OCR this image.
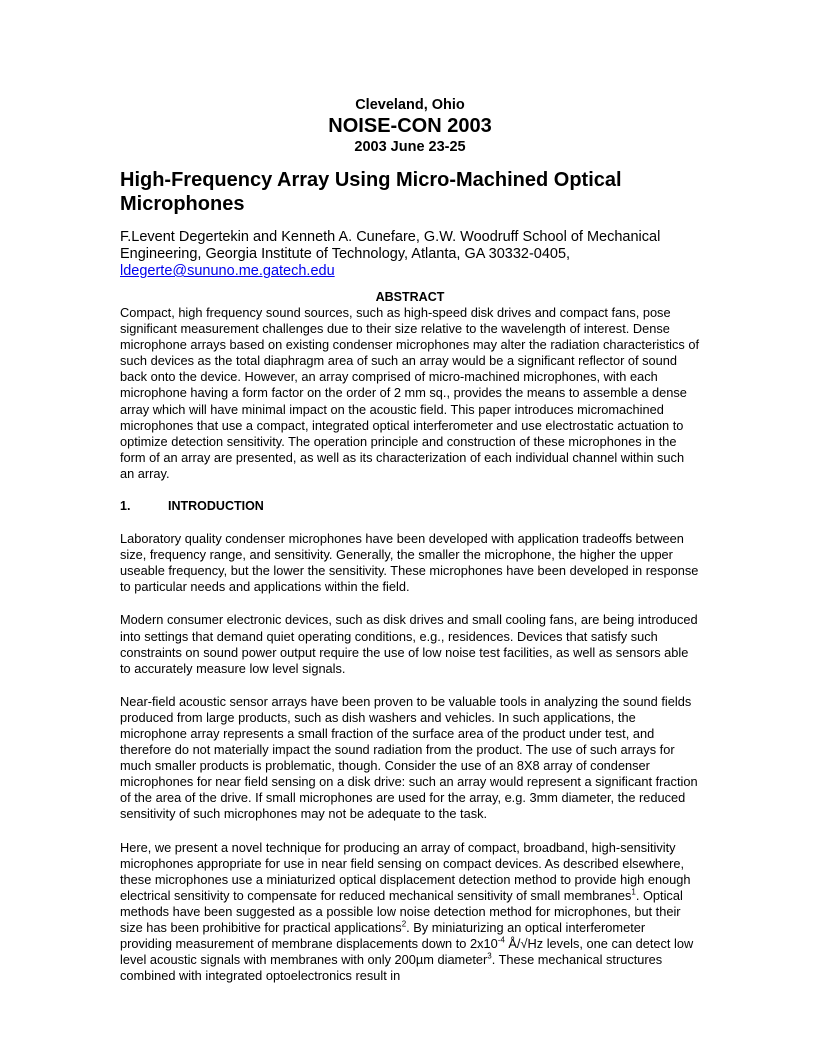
Cleveland, Ohio
NOISE-CON 2003
2003 June 23-25
High-Frequency Array Using Micro-Machined Optical Microphones
F.Levent Degertekin and Kenneth A. Cunefare, G.W. Woodruff School of Mechanical Engineering, Georgia Institute of Technology, Atlanta, GA 30332-0405,
ldegerte@sununo.me.gatech.edu
ABSTRACT

Compact, high frequency sound sources, such as high-speed disk drives and compact fans, pose significant measurement challenges due to their size relative to the wavelength of interest. Dense microphone arrays based on existing condenser microphones may alter the radiation characteristics of such devices as the total diaphragm area of such an array would be a significant reflector of sound back onto the device. However, an array comprised of micro-machined microphones, with each microphone having a form factor on the order of 2 mm sq., provides the means to assemble a dense array which will have minimal impact on the acoustic field. This paper introduces micromachined microphones that use a compact, integrated optical interferometer and use electrostatic actuation to optimize detection sensitivity. The operation principle and construction of these microphones in the form of an array are presented, as well as its characterization of each individual channel within such an array.

1.	INTRODUCTION

Laboratory quality condenser microphones have been developed with application tradeoffs between size, frequency range, and sensitivity. Generally, the smaller the microphone, the higher the upper useable frequency, but the lower the sensitivity. These microphones have been developed in response to particular needs and applications within the field.

Modern consumer electronic devices, such as disk drives and small cooling fans, are being introduced into settings that demand quiet operating conditions, e.g., residences. Devices that satisfy such constraints on sound power output require the use of low noise test facilities, as well as sensors able to accurately measure low level signals.

Near-field acoustic sensor arrays have been proven to be valuable tools in analyzing the sound fields produced from large products, such as dish washers and vehicles. In such applications, the microphone array represents a small fraction of the surface area of the product under test, and therefore do not materially impact the sound radiation from the product. The use of such arrays for much smaller products is problematic, though. Consider the use of an 8X8 array of condenser microphones for near field sensing on a disk drive: such an array would represent a significant fraction of the area of the drive. If small microphones are used for the array, e.g. 3mm diameter, the reduced sensitivity of such microphones may not be adequate to the task.

Here, we present a novel technique for producing an array of compact, broadband, high-sensitivity microphones appropriate for use in near field sensing on compact devices. As described elsewhere, these microphones use a miniaturized optical displacement detection method to provide high enough electrical sensitivity to compensate for reduced mechanical sensitivity of small membranes$^1$. Optical methods have been suggested as a possible low noise detection method for microphones, but their size has been prohibitive for practical applications$^2$. By miniaturizing an optical interferometer providing measurement of membrane displacements down to $2x10^{-4}$ Å/√Hz levels, one can detect low level acoustic signals with membranes with only 200µm diameter$^3$. These mechanical structures combined with integrated optoelectronics result in
